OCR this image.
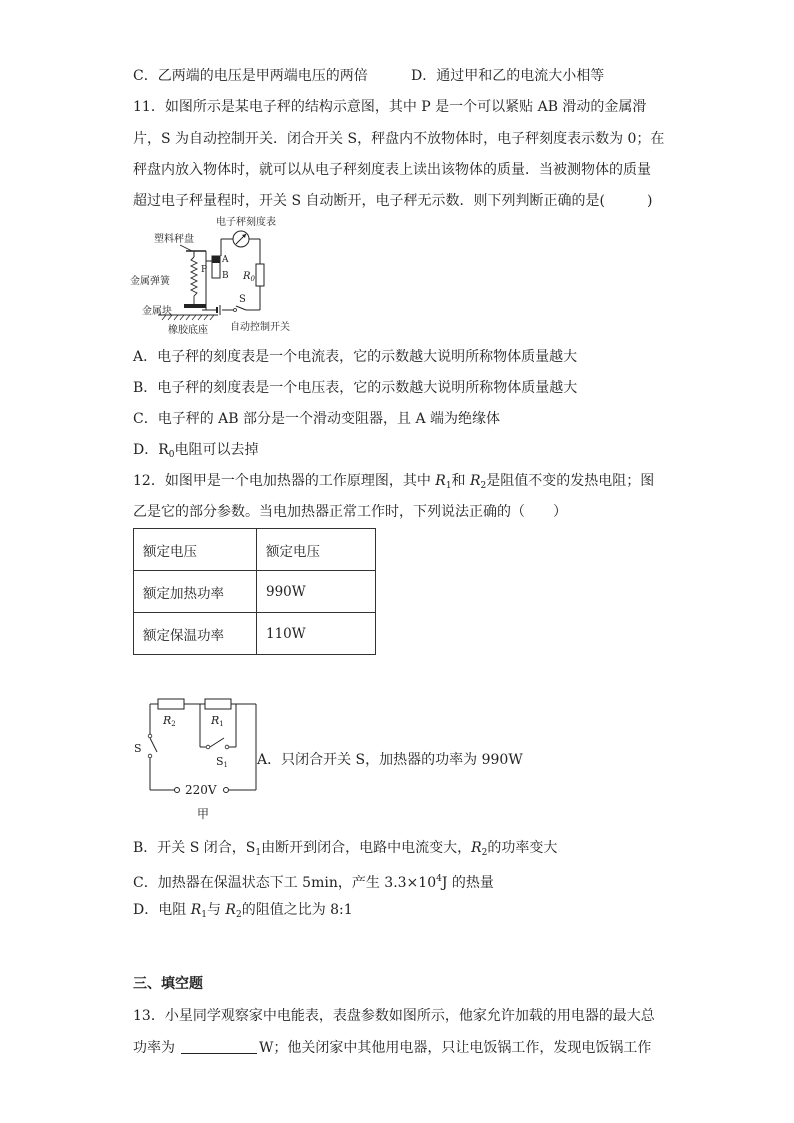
C．乙两端的电压是甲两端电压的两倍	D．通过甲和乙的电流大小相等
11．如图所示是某电子秤的结构示意图，其中 P 是一个可以紧贴 AB 滑动的金属滑
片，S 为自动控制开关．闭合开关 S，秤盘内不放物体时，电子秤刻度表示数为 0；在
秤盘内放入物体时，就可以从电子秤刻度表上读出该物体的质量．当被测物体的质量
超过电子秤量程时，开关 S 自动断开，电子秤无示数．则下列判断正确的是(　　　)
电子秤刻度表
$R_0$
S
A
B
P
塑料秤盘
金属弹簧
金属块
橡胶底座 自动控制开关
A．电子秤的刻度表是一个电流表，它的示数越大说明所称物体质量越大
B．电子秤的刻度表是一个电压表，它的示数越大说明所称物体质量越大
C．电子秤的 AB 部分是一个滑动变阻器，且 A 端为绝缘体
D．$R_0$电阻可以去掉
12．如图甲是一个电加热器的工作原理图，其中 $R_1$和 $R_2$是阻值不变的发热电阻；图
乙是它的部分参数。当电加热器正常工作时，下列说法正确的（　　）
额定电压	额定电压
额定加热功率	990W
额定保温功率	110W
R2	R1
S1
S
220V
甲
A．只闭合开关 S，加热器的功率为 990W
B．开关 S 闭合，$S_1$由断开到闭合，电路中电流变大，$R_2$的功率变大
C．加热器在保温状态下工 5min，产生 $3.3\times 10^4J$ 的热量
D．电阻 $R_1$与 $R_2$的阻值之比为 8:1
三、填空题
13．小星同学观察家中电能表，表盘参数如图所示，他家允许加载的用电器的最大总
功率为	W；他关闭家中其他用电器，只让电饭锅工作，发现电饭锅工作
